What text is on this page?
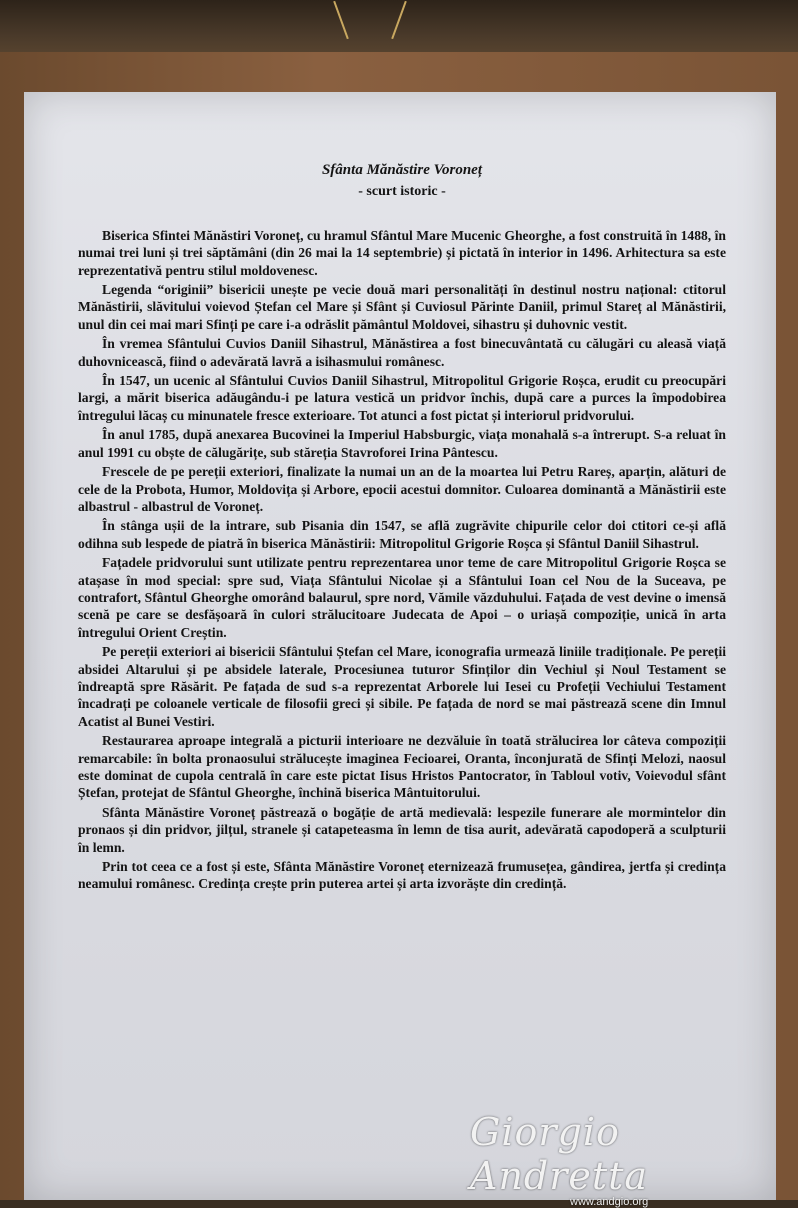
Sfânta Mănăstire Voroneț
- scurt istoric -
Biserica Sfintei Mănăstiri Voroneț, cu hramul Sfântul Mare Mucenic Gheorghe, a fost construită în 1488, în numai trei luni și trei săptămâni (din 26 mai la 14 septembrie) și pictată în interior in 1496. Arhitectura sa este reprezentativă pentru stilul moldovenesc.
Legenda “originii” bisericii unește pe vecie două mari personalități în destinul nostru național: ctitorul Mănăstirii, slăvitului voievod Ștefan cel Mare și Sfânt și Cuviosul Părinte Daniil, primul Stareț al Mănăstirii, unul din cei mai mari Sfinți pe care i-a odrăslit pământul Moldovei, sihastru și duhovnic vestit.
În vremea Sfântului Cuvios Daniil Sihastrul, Mănăstirea a fost binecuvântată cu călugări cu aleasă viață duhovnicească, fiind o adevărată lavră a isihasmului românesc.
În 1547, un ucenic al Sfântului Cuvios Daniil Sihastrul, Mitropolitul Grigorie Roșca, erudit cu preocupări largi, a mărit biserica adăugându-i pe latura vestică un pridvor închis, după care a purces la împodobirea întregului lăcaș cu minunatele fresce exterioare. Tot atunci a fost pictat și interiorul pridvorului.
În anul 1785, după anexarea Bucovinei la Imperiul Habsburgic, viața monahală s-a întrerupt. S-a reluat în anul 1991 cu obște de călugărițe, sub stăreția Stavroforei Irina Pântescu.
Frescele de pe pereții exteriori, finalizate la numai un an de la moartea lui Petru Rareș, aparțin, alături de cele de la Probota, Humor, Moldovița și Arbore, epocii acestui domnitor. Culoarea dominantă a Mănăstirii este albastrul - albastrul de Voroneț.
În stânga ușii de la intrare, sub Pisania din 1547, se află zugrăvite chipurile celor doi ctitori ce-și află odihna sub lespede de piatră în biserica Mănăstirii: Mitropolitul Grigorie Roșca și Sfântul Daniil Sihastrul.
Fațadele pridvorului sunt utilizate pentru reprezentarea unor teme de care Mitropolitul Grigorie Roșca se atașase în mod special: spre sud, Viața Sfântului Nicolae și a Sfântului Ioan cel Nou de la Suceava, pe contrafort, Sfântul Gheorghe omorând balaurul, spre nord, Vămile văzduhului. Fațada de vest devine o imensă scenă pe care se desfășoară în culori strălucitoare Judecata de Apoi – o uriașă compoziție, unică în arta întregului Orient Creștin.
Pe pereții exteriori ai bisericii Sfântului Ștefan cel Mare, iconografia urmează liniile tradiționale. Pe pereții absidei Altarului și pe absidele laterale, Procesiunea tuturor Sfinților din Vechiul și Noul Testament se îndreaptă spre Răsărit. Pe fațada de sud s-a reprezentat Arborele lui Iesei cu Profeții Vechiului Testament încadrați pe coloanele verticale de filosofii greci și sibile. Pe fațada de nord se mai păstrează scene din Imnul Acatist al Bunei Vestiri.
Restaurarea aproape integrală a picturii interioare ne dezvăluie în toată strălucirea lor câteva compoziții remarcabile: în bolta pronaosului strălucește imaginea Fecioarei, Oranta, înconjurată de Sfinți Melozi, naosul este dominat de cupola centrală în care este pictat Iisus Hristos Pantocrator, în Tabloul votiv, Voievodul sfânt Ștefan, protejat de Sfântul Gheorghe, închină biserica Mântuitorului.
Sfânta Mănăstire Voroneț păstrează o bogăție de artă medievală: lespezile funerare ale mormintelor din pronaos și din pridvor, jilțul, stranele și catapeteasma în lemn de tisa aurit, adevărată capodoperă a sculpturii în lemn.
Prin tot ceea ce a fost și este, Sfânta Mănăstire Voroneț eternizează frumusețea, gândirea, jertfa și credința neamului românesc. Credința crește prin puterea artei și arta izvorăște din credință.
Giorgio Andretta
www.andgio.org
